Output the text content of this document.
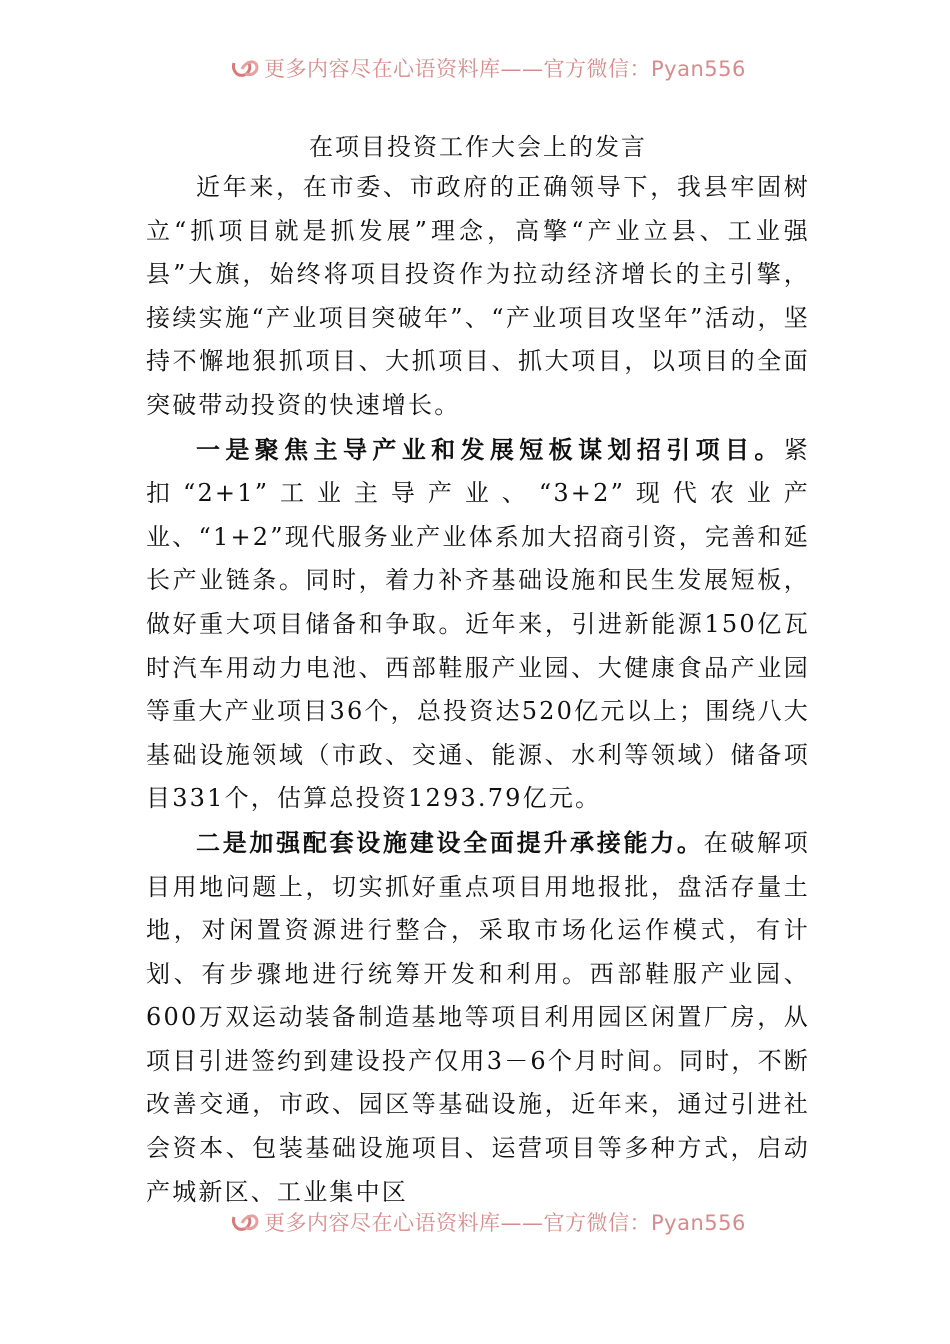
更多内容尽在心语资料库——官方微信：Pyan556
在项目投资工作大会上的发言

近年来，在市委、市政府的正确领导下，我县牢固树立“抓项目就是抓发展”理念，高擎“产业立县、工业强县”大旗，始终将项目投资作为拉动经济增长的主引擎，接续实施“产业项目突破年”、“产业项目攻坚年”活动，坚持不懈地狠抓项目、大抓项目、抓大项目，以项目的全面突破带动投资的快速增长。

一是聚焦主导产业和发展短板谋划招引项目。紧扣“2+1”工业主导产业、“3+2”现代农业产业、“1+2”现代服务业产业体系加大招商引资，完善和延长产业链条。同时，着力补齐基础设施和民生发展短板，做好重大项目储备和争取。近年来，引进新能源150亿瓦时汽车用动力电池、西部鞋服产业园、大健康食品产业园等重大产业项目36个，总投资达520亿元以上；围绕八大基础设施领域（市政、交通、能源、水利等领域）储备项目331个，估算总投资1293.79亿元。

二是加强配套设施建设全面提升承接能力。在破解项目用地问题上，切实抓好重点项目用地报批，盘活存量土地，对闲置资源进行整合，采取市场化运作模式，有计划、有步骤地进行统筹开发和利用。西部鞋服产业园、600万双运动装备制造基地等项目利用园区闲置厂房，从项目引进签约到建设投产仅用3－6个月时间。同时，不断改善交通，市政、园区等基础设施，近年来，通过引进社会资本、包装基础设施项目、运营项目等多种方式，启动产城新区、工业集中区

更多内容尽在心语资料库——官方微信：Pyan556
